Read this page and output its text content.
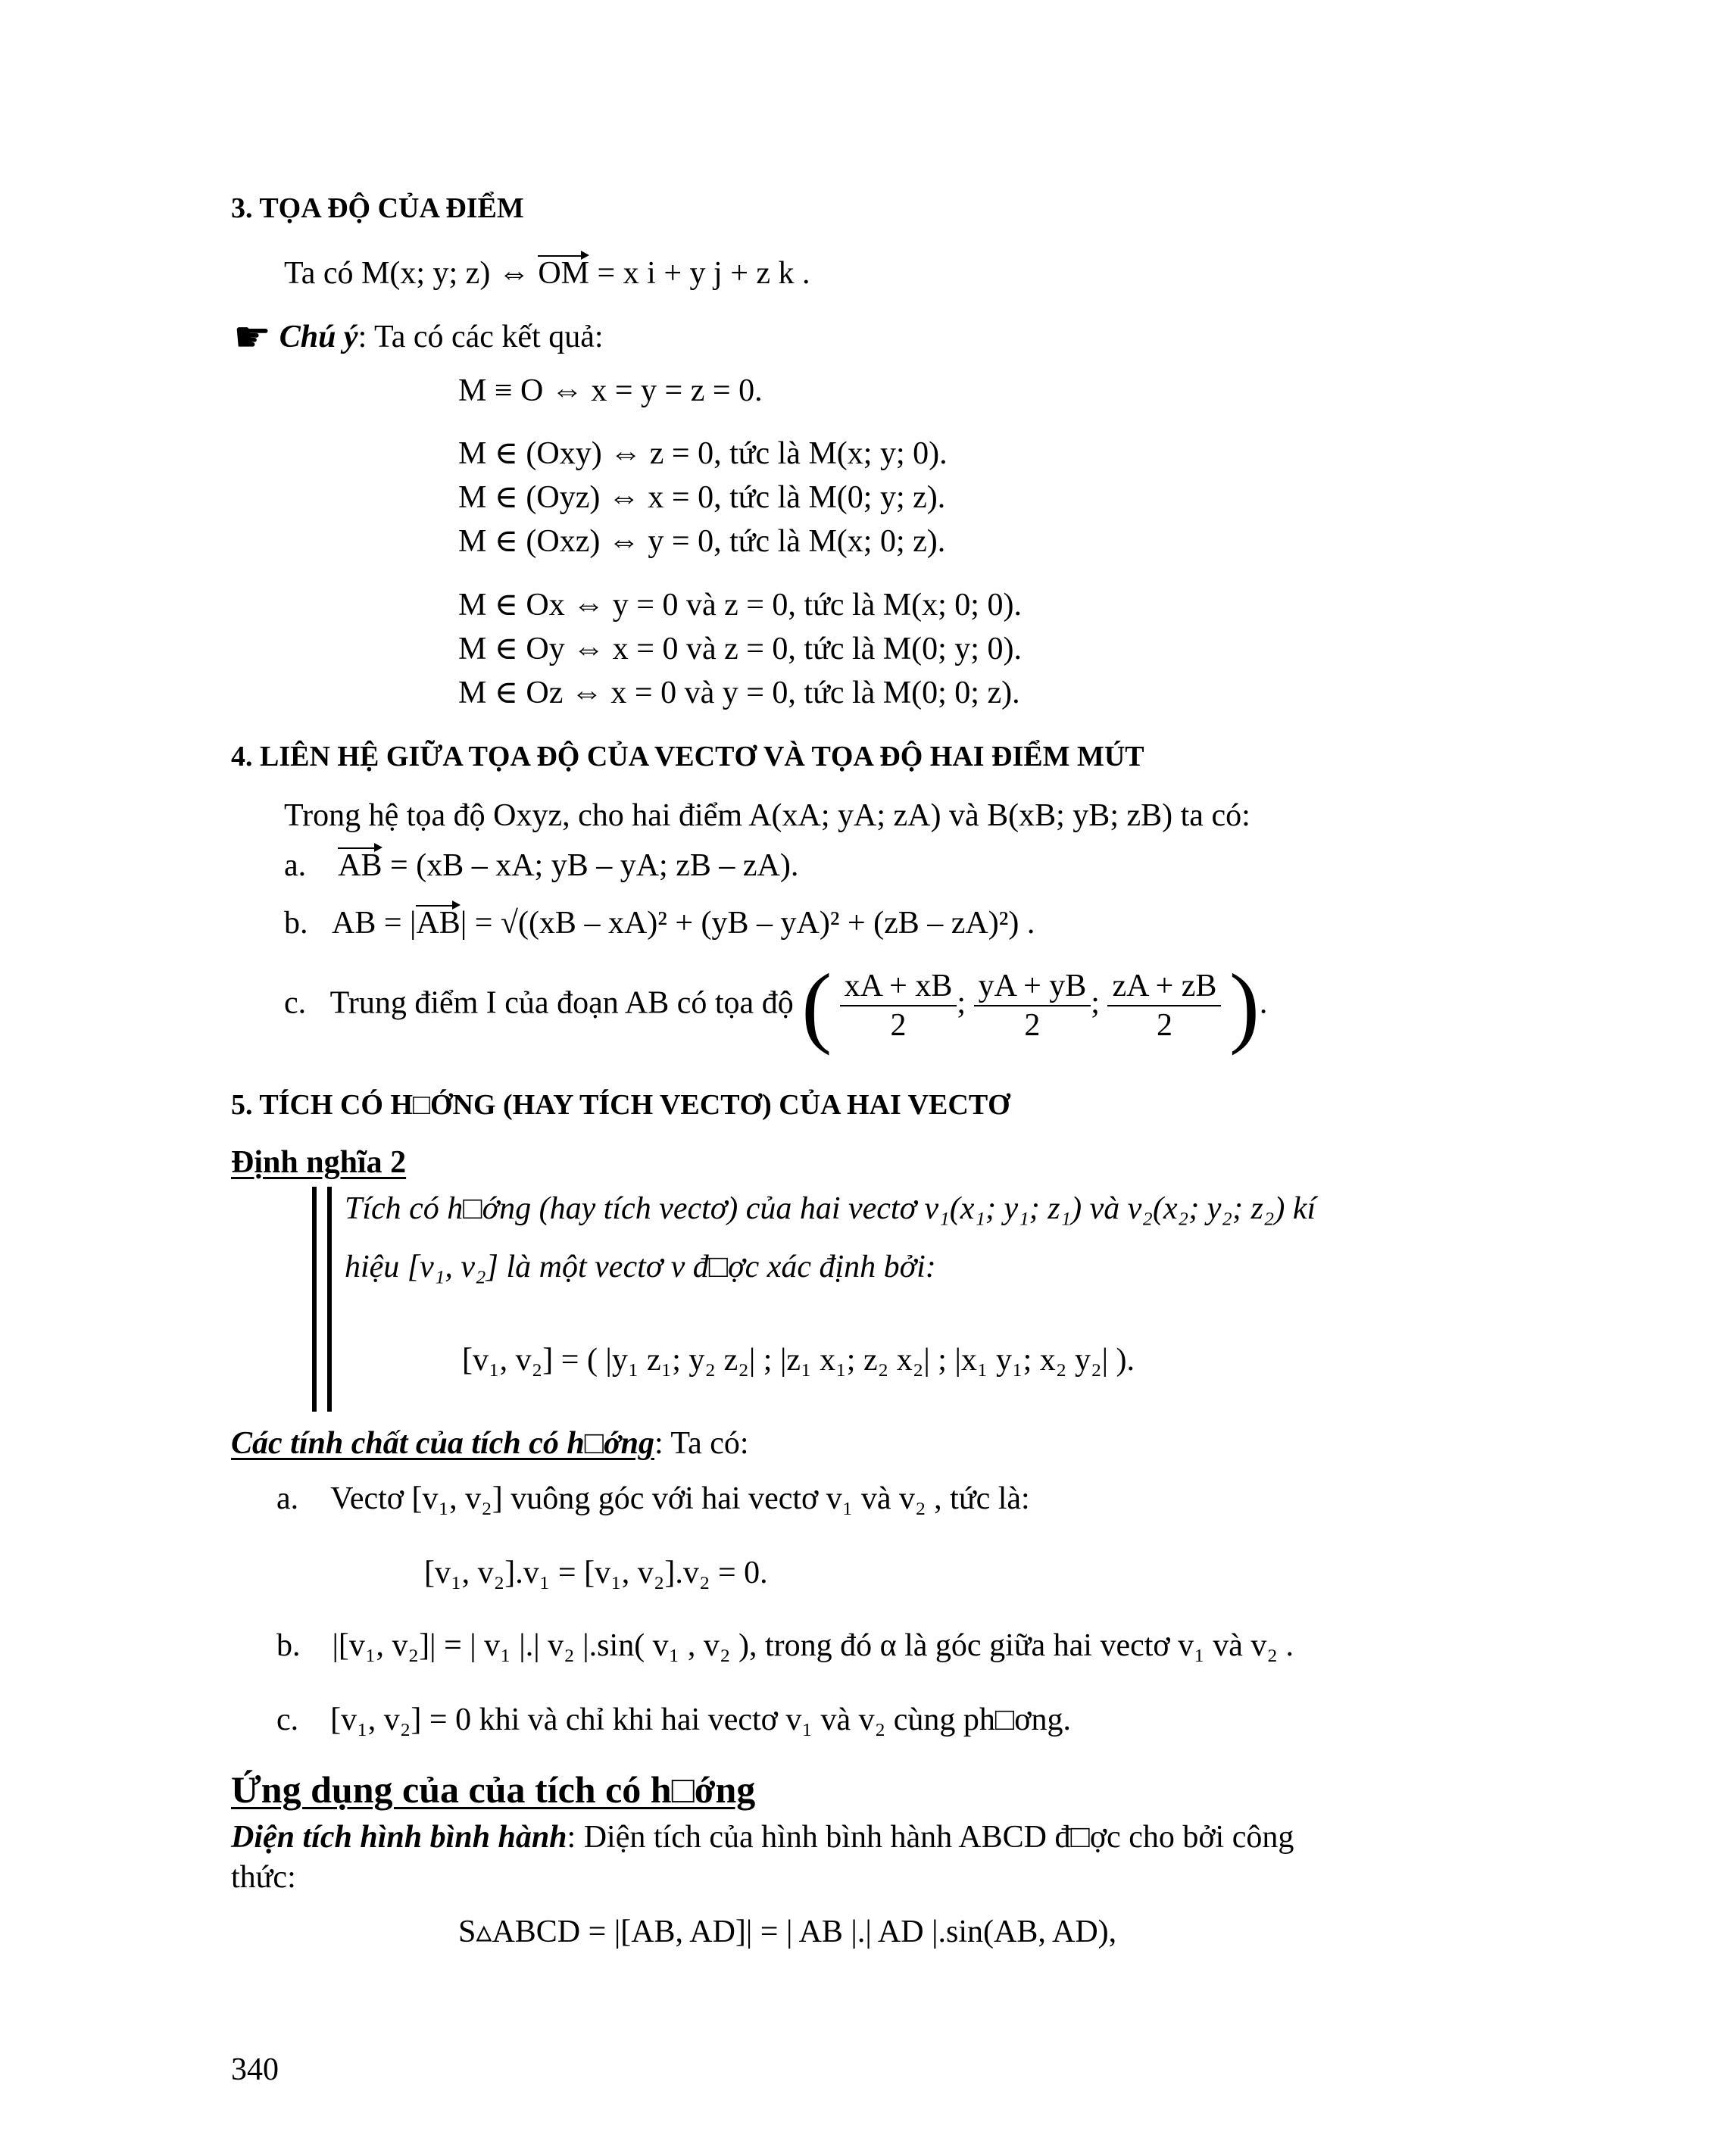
3. TỌA ĐỘ CỦA ĐIỂM
Ta có M(x; y; z) ⇔ OM = x i + y j + z k .
☛ Chú ý: Ta có các kết quả:
M ≡ O ⇔ x = y = z = 0.
M ∈ (Oxy) ⇔ z = 0, tức là M(x; y; 0).
M ∈ (Oyz) ⇔ x = 0, tức là M(0; y; z).
M ∈ (Oxz) ⇔ y = 0, tức là M(x; 0; z).
M ∈ Ox ⇔ y = 0 và z = 0, tức là M(x; 0; 0).
M ∈ Oy ⇔ x = 0 và z = 0, tức là M(0; y; 0).
M ∈ Oz ⇔ x = 0 và y = 0, tức là M(0; 0; z).
4. LIÊN HỆ GIỮA TỌA ĐỘ CỦA VECTƠ VÀ TỌA ĐỘ HAI ĐIỂM MÚT
Trong hệ tọa độ Oxyz, cho hai điểm A(xA; yA; zA) và B(xB; yB; zB) ta có:
a. AB = (xB – xA; yB – yA; zB – zA).
b. AB = |AB| = √((xB – xA)² + (yB – yA)² + (zB – zA)²) .
c. Trung điểm I của đoạn AB có tọa độ ( $\frac{xA + xB}{2}$ ; $\frac{yA + yB}{2}$ ; $\frac{zA + zB}{2}$ ).
5. TÍCH CÓ H□ỚNG (HAY TÍCH VECTƠ) CỦA HAI VECTƠ
Định nghĩa 2
Tích có h□ớng (hay tích vectơ) của hai vectơ v₁(x₁; y₁; z₁) và v₂(x₂; y₂; z₂) kí
hiệu [v₁, v₂] là một vectơ v đ□ợc xác định bởi:
[v₁, v₂] = ( |y₁ z₁; y₂ z₂| ; |z₁ x₁; z₂ x₂| ; |x₁ y₁; x₂ y₂| ).
Các tính chất của tích có h□ớng: Ta có:
a. Vectơ [v₁, v₂] vuông góc với hai vectơ v₁ và v₂ , tức là:
[v₁, v₂].v₁ = [v₁, v₂].v₂ = 0.
b. |[v₁, v₂]| = | v₁ |.| v₂ |.sin( v₁ , v₂ ), trong đó α là góc giữa hai vectơ v₁ và v₂ .
c. [v₁, v₂] = 0 khi và chỉ khi hai vectơ v₁ và v₂ cùng ph□ơng.
Ứng dụng của của tích có h□ớng
Diện tích hình bình hành: Diện tích của hình bình hành ABCD đ□ợc cho bởi công
thức:
S▵ABCD = |[AB, AD]| = | AB |.| AD |.sin(AB, AD),
340
